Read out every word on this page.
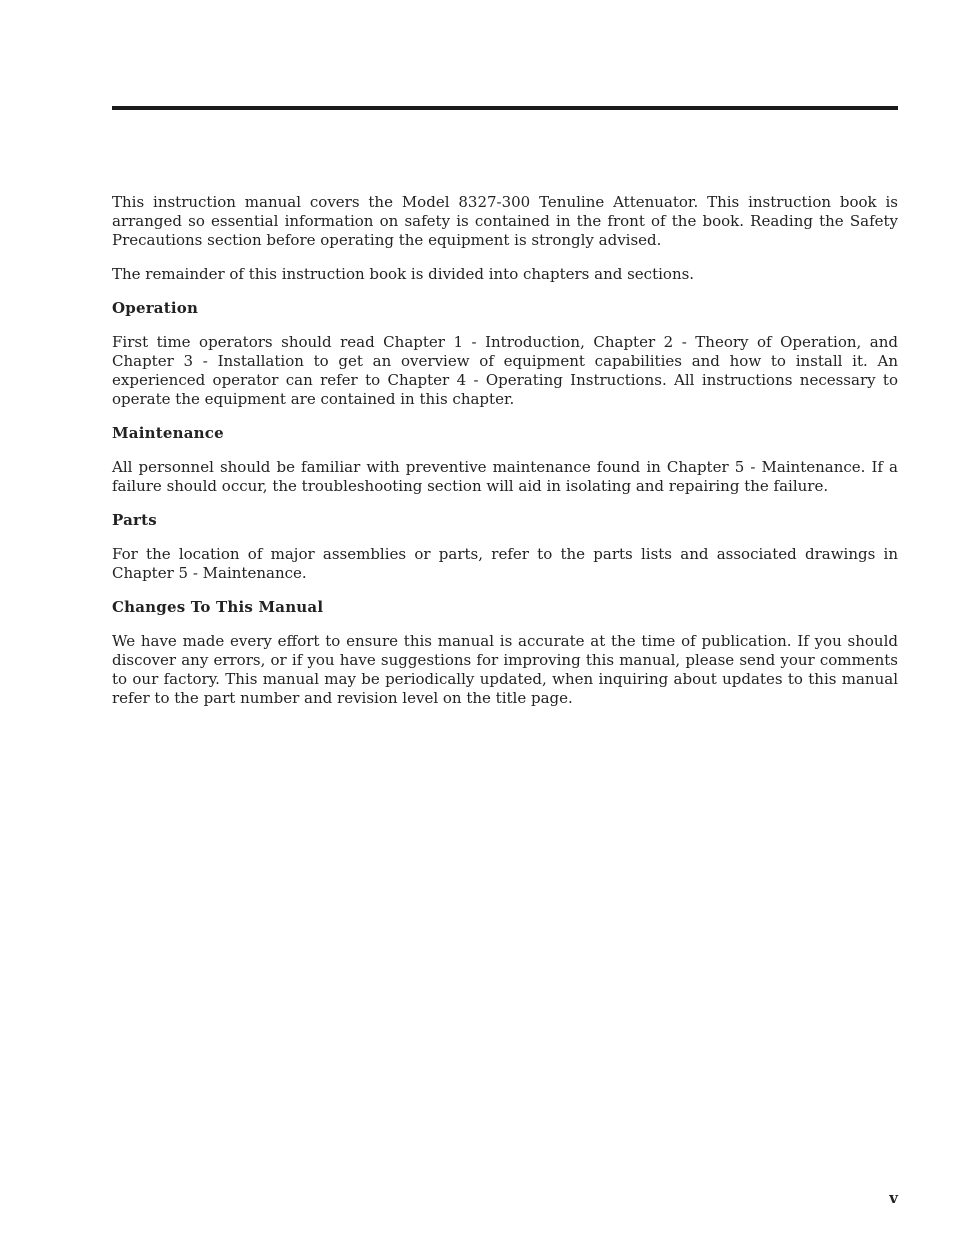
This instruction manual covers the Model 8327-300 Tenuline Attenuator. This instruction book is arranged so essential information on safety is contained in the front of the book. Reading the Safety Precautions section before operating the equipment is strongly advised.

The remainder of this instruction book is divided into chapters and sections.

Operation

First time operators should read Chapter 1 - Introduction, Chapter 2 - Theory of Operation, and Chapter 3 - Installation to get an overview of equipment capabilities and how to install it. An experienced operator can refer to Chapter 4 - Operating Instructions. All instructions necessary to operate the equipment are contained in this chapter.

Maintenance

All personnel should be familiar with preventive maintenance found in Chapter 5 - Maintenance. If a failure should occur, the troubleshooting section will aid in isolating and repairing the failure.

Parts

For the location of major assemblies or parts, refer to the parts lists and associated drawings in Chapter 5 - Maintenance.

Changes To This Manual

We have made every effort to ensure this manual is accurate at the time of publication. If you should discover any errors, or if you have suggestions for improving this manual, please send your comments to our factory. This manual may be periodically updated, when inquiring about updates to this manual refer to the part number and revision level on the title page.

v
